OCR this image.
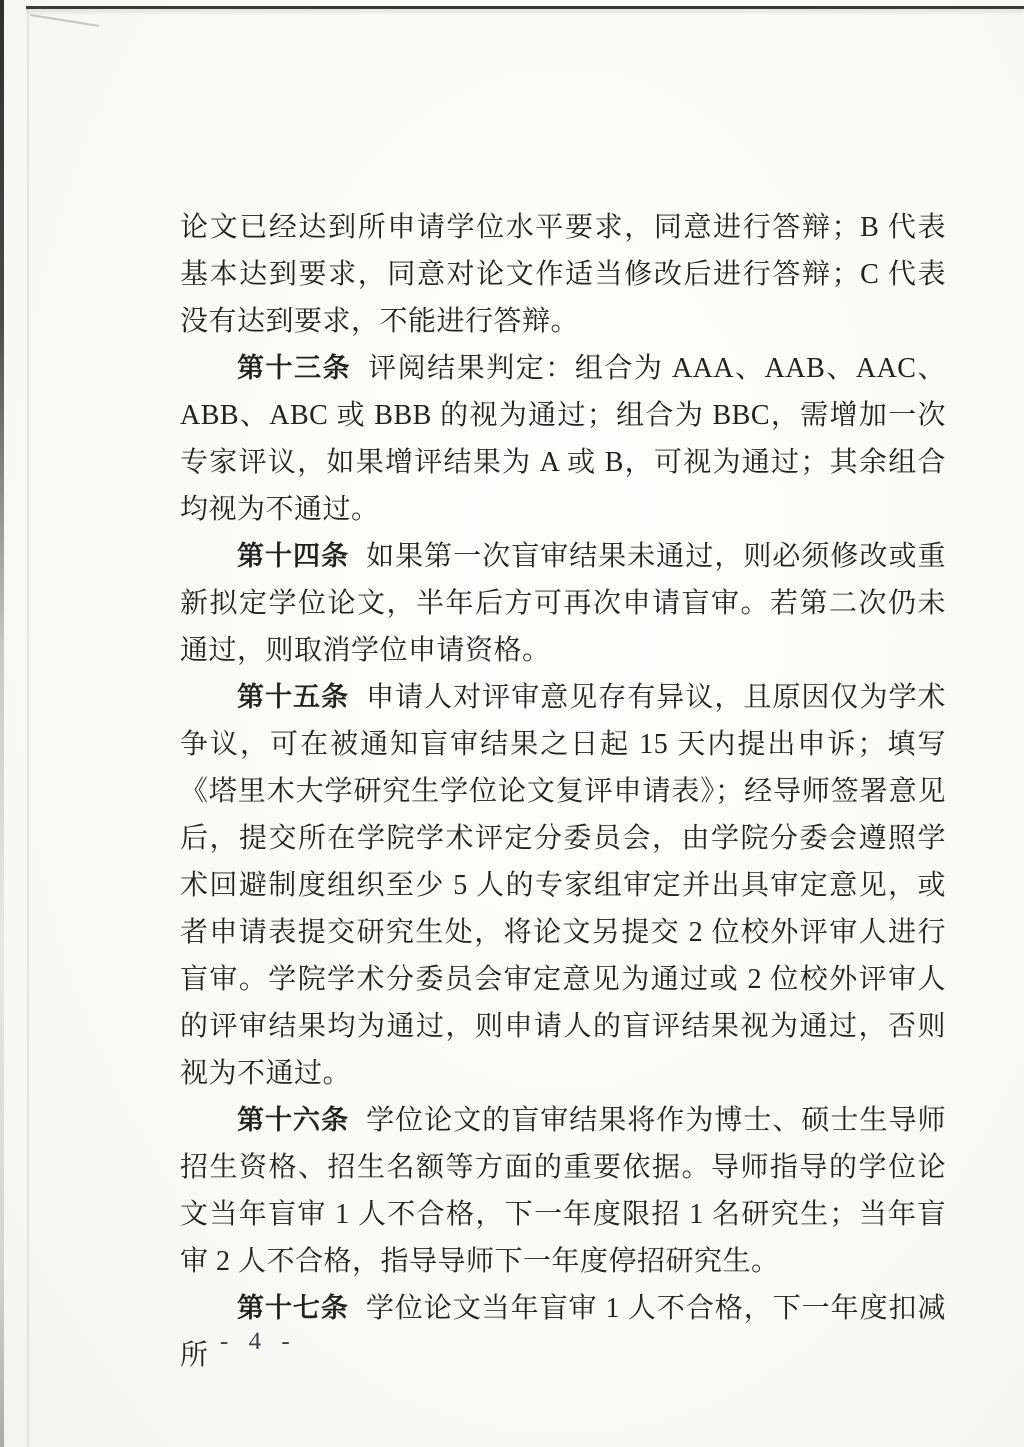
论文已经达到所申请学位水平要求，同意进行答辩；B 代表基本达到要求，同意对论文作适当修改后进行答辩；C 代表没有达到要求，不能进行答辩。

第十三条 评阅结果判定：组合为 AAA、AAB、AAC、ABB、ABC 或 BBB 的视为通过；组合为 BBC，需增加一次专家评议，如果增评结果为 A 或 B，可视为通过；其余组合均视为不通过。

第十四条 如果第一次盲审结果未通过，则必须修改或重新拟定学位论文，半年后方可再次申请盲审。若第二次仍未通过，则取消学位申请资格。

第十五条 申请人对评审意见存有异议，且原因仅为学术争议，可在被通知盲审结果之日起 15 天内提出申诉；填写《塔里木大学研究生学位论文复评申请表》；经导师签署意见后，提交所在学院学术评定分委员会，由学院分委会遵照学术回避制度组织至少 5 人的专家组审定并出具审定意见，或者申请表提交研究生处，将论文另提交 2 位校外评审人进行盲审。学院学术分委员会审定意见为通过或 2 位校外评审人的评审结果均为通过，则申请人的盲评结果视为通过，否则视为不通过。

第十六条 学位论文的盲审结果将作为博士、硕士生导师招生资格、招生名额等方面的重要依据。导师指导的学位论文当年盲审 1 人不合格，下一年度限招 1 名研究生；当年盲审 2 人不合格，指导导师下一年度停招研究生。

第十七条 学位论文当年盲审 1 人不合格，下一年度扣减所 - 4 -
